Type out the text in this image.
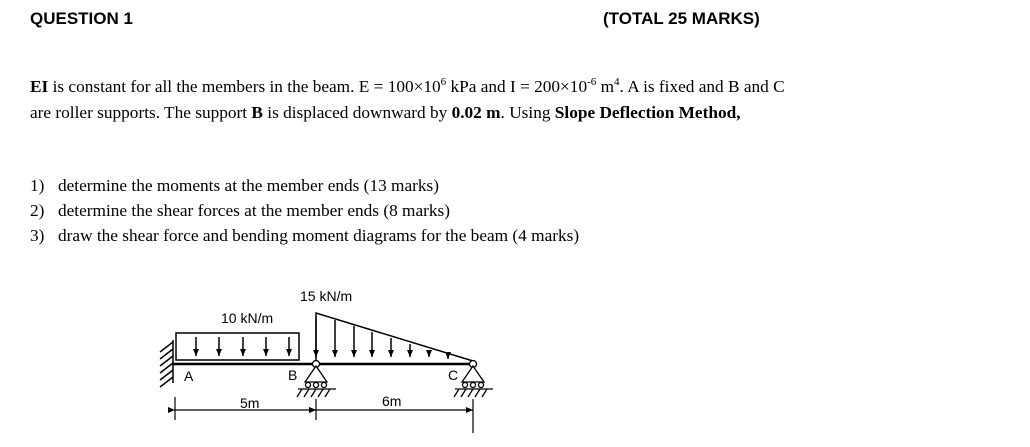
QUESTION 1	(TOTAL 25 MARKS)
EI is constant for all the members in the beam. $E = 100\times 10^6$ kPa and $I = 200\times 10^{-6}$ $m^4$. A is fixed and B and C are roller supports. The support B is displaced downward by 0.02 m. Using Slope Deflection Method,
1) determine the moments at the member ends (13 marks)
2) determine the shear forces at the member ends (8 marks)
3) draw the shear force and bending moment diagrams for the beam (4 marks)
10 kN/m
15 kN/m
A	B	C
5m	6m
